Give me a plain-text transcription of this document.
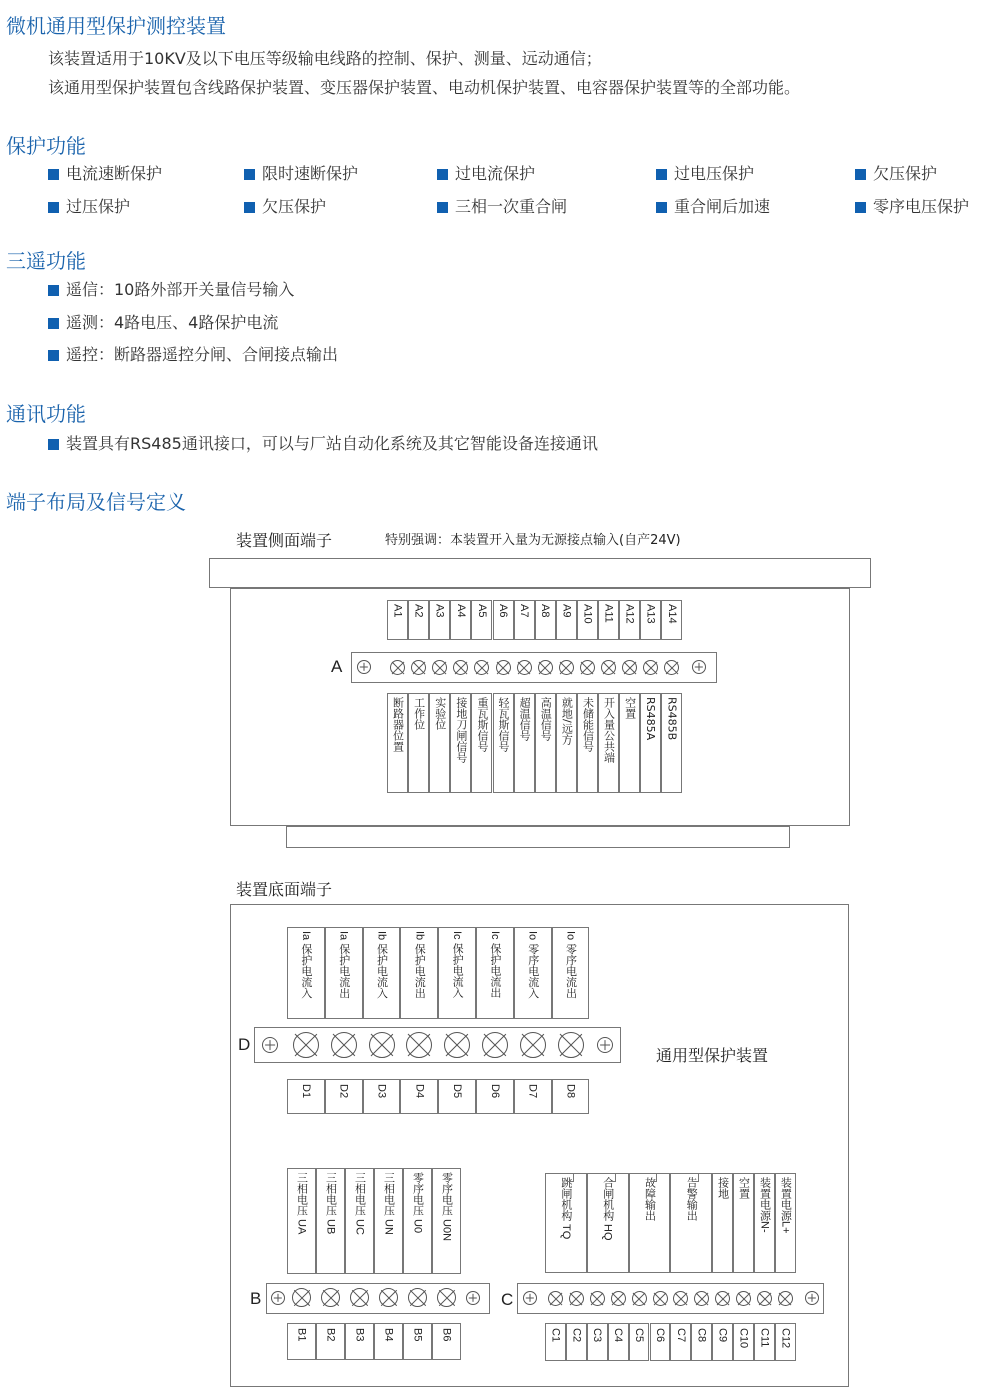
微机通用型保护测控装置
该装置适用于10KV及以下电压等级输电线路的控制、保护、测量、远动通信；
该通用型保护装置包含线路保护装置、变压器保护装置、电动机保护装置、电容器保护装置等的全部功能。
保护功能
电流速断保护	限时速断保护	过电流保护	过电压保护	欠压保护
过压保护	欠压保护	三相一次重合闸	重合闸后加速	零序电压保护
三遥功能
遥信：10路外部开关量信号输入
遥测：4路电压、4路保护电流
遥控：断路器遥控分闸、合闸接点输出
通讯功能
装置具有RS485通讯接口，可以与厂站自动化系统及其它智能设备连接通讯
端子布局及信号定义
装置侧面端子	特别强调：本装置开入量为无源接点输入(自产24V)
A
A1 A2 A3 A4 A5 A6 A7 A8 A9 A10 A11 A12 A13 A14
断路器位置 工作位 实验位 接地刀闸信号 重瓦斯信号 轻瓦斯信号 超温信号 高温信号 就地/远方 未储能信号 开入量公共端 空置 RS485A RS485B
装置底面端子
D
通用型保护装置
D1 D2 D3 D4 D5 D6 D7 D8
Ia 保护电流入 Ia 保护电流出 Ib 保护电流入 Ib 保护电流出 Ic 保护电流入 Ic 保护电流出 Io 零序电流入 Io 零序电流出
B
B1 B2 B3 B4 B5 B6
三相电压 UA 三相电压 UB 三相电压 UC 三相电压 UN 零序电压 U0 零序电压 U0N
C
C1 C2 C3 C4 C5 C6 C7 C8 C9 C10 C11 C12
跳闸机构 TQ	合闸机构 HQ	故障输出	告警输出 接地 空置 装置电源N- 装置电源L+
